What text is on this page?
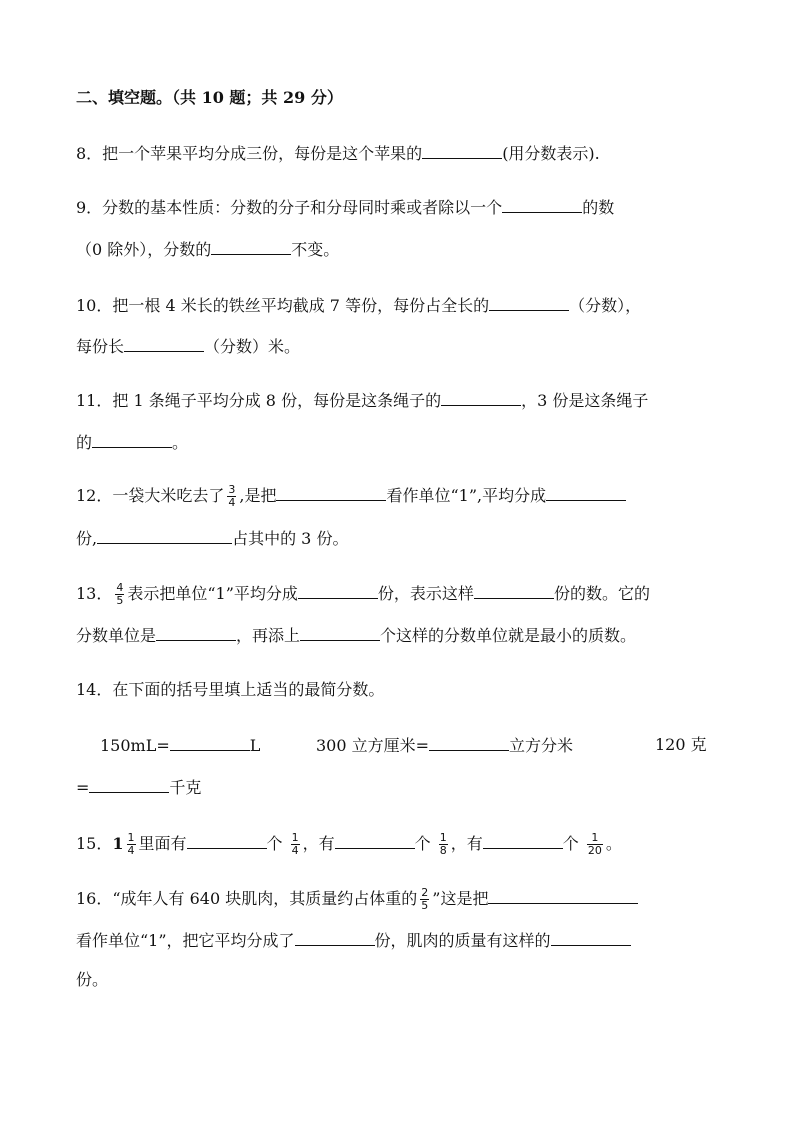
二、填空题。（共 10 题；共 29 分）
8．把一个苹果平均分成三份，每份是这个苹果的	(用分数表示).
9．分数的基本性质：分数的分子和分母同时乘或者除以一个	的数
（0 除外），分数的	不变。
10．把一根 4 米长的铁丝平均截成 7 等份，每份占全长的	（分数），
每份长	（分数）米。
11．把 1 条绳子平均分成 8 份，每份是这条绳子的	，3 份是这条绳子
的	。
12．一袋大米吃去了 $\frac{3}{4}$ ,是把	看作单位“1”,平均分成
份,	占其中的 3 份。
13． $\frac{4}{5}$ 表示把单位“1”平均分成	份，表示这样	份的数。它的
分数单位是	，再添上	个这样的分数单位就是最小的质数。
14．在下面的括号里填上适当的最简分数。
150mL=	L	300 立方厘米=	立方分米	120 克
=	千克
15．$1 \frac{1}{4}$ 里面有	个 $\frac{1}{4}$ ，有	个 $\frac{1}{8}$ ，有	个 $\frac{1}{20}$ 。
16．“成年人有 640 块肌肉，其质量约占体重的 $\frac{2}{5}$ ”这是把
看作单位“1”，把它平均分成了	份，肌肉的质量有这样的
份。
